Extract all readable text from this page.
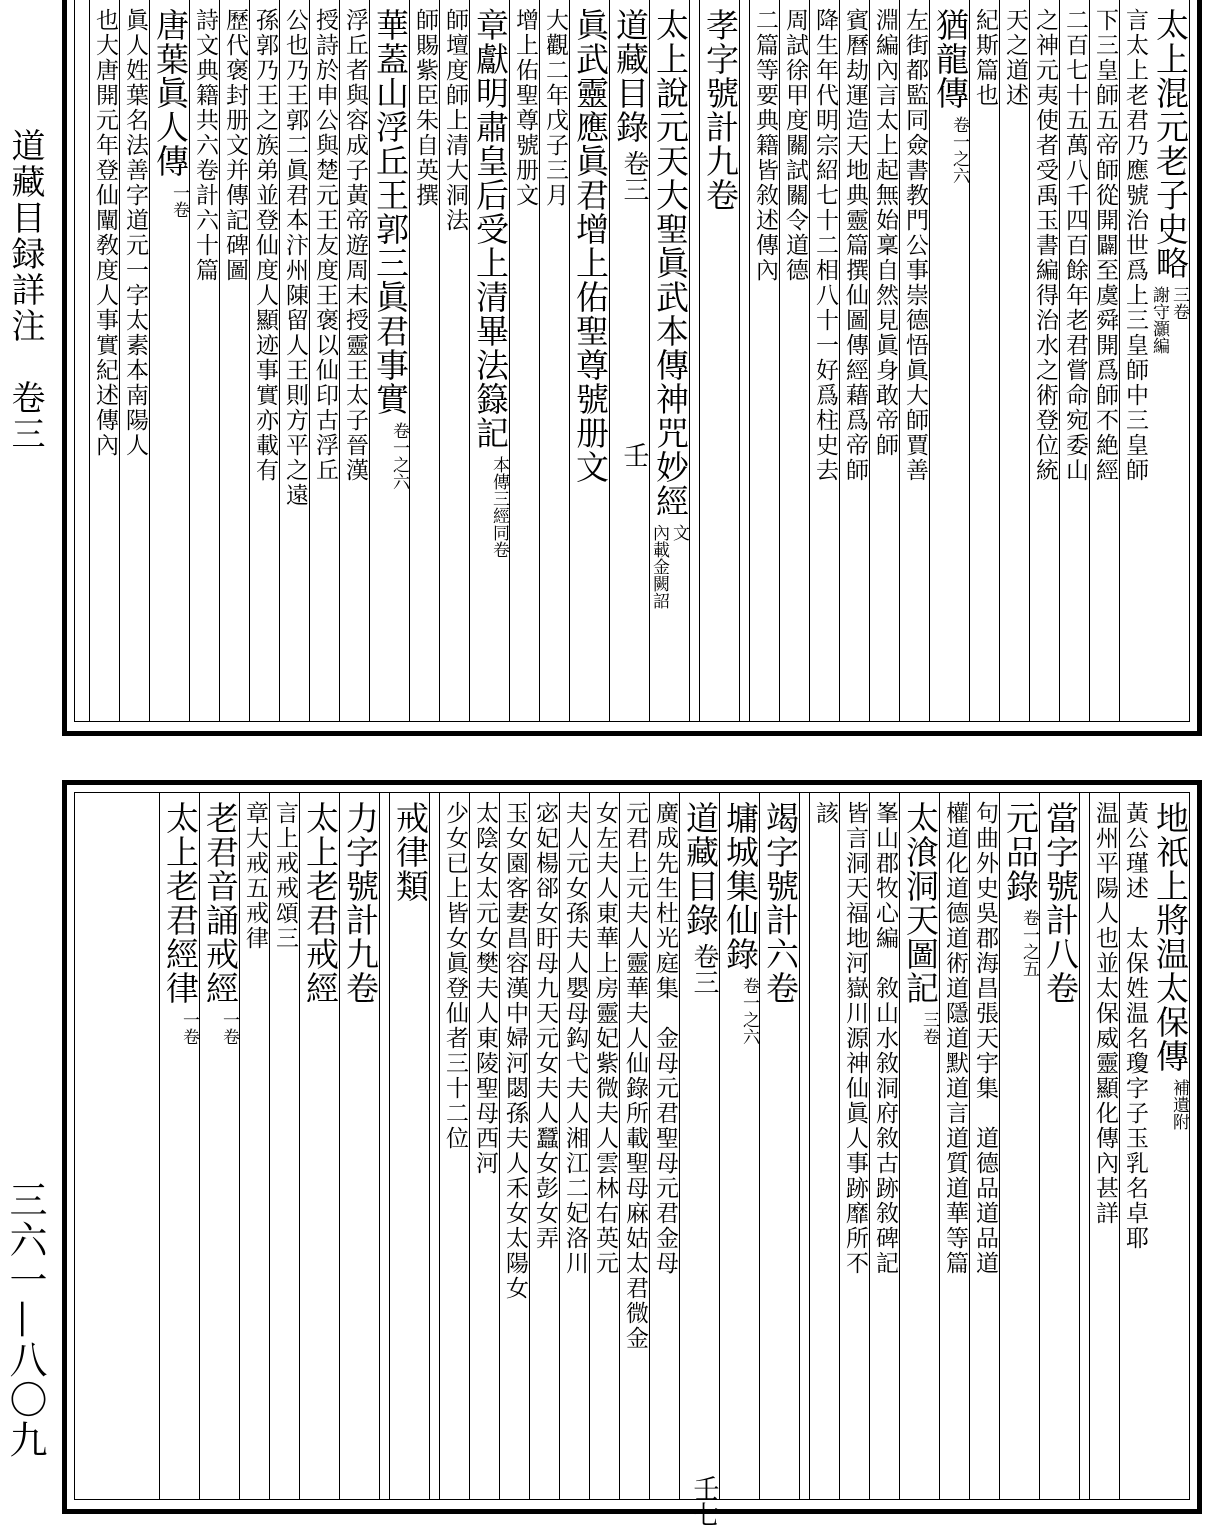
道藏目録詳注　卷三
三六一—八〇九
太上混元老子史略
三卷
謝守灝編
言太上老君乃應號治世爲上三皇師中三皇師
下三皇師五帝師從開闢至虞舜開爲師不絶經
二百七十五萬八千四百餘年老君嘗命宛委山
之神元夷使者受禹玉書編得治水之術登位統
天之道述
紀斯篇也
猶龍傳
卷一之六
左街都監同僉書教門公事崇德悟眞大師賈善
淵編內言太上起無始稟自然見眞身敢帝師
賓曆劫運造天地典靈篇撰仙圖傳經藉爲帝師
降生年代明宗紹七十二相八十一好爲柱史去
周試徐甲度關試關令道德
二篇等要典籍皆敘述傳內
孝字號計九卷
太上說元天大聖眞武本傳神咒妙經
文
內載金闕詔
道藏目錄
卷三
壬
眞武靈應眞君增上佑聖尊號册文
大觀二年戊子三月
增上佑聖尊號册文
章獻明肅皇后受上清畢法籙記
本傳三經同卷
師壇度師上清大洞法
師賜紫臣朱自英撰
華蓋山浮丘王郭三眞君事實
卷一之六
浮丘者與容成子黃帝遊周末授靈王太子晉漢
授詩於申公與楚元王友度王褒以仙印古浮丘
公也乃王郭二眞君本汴州陳留人王則方平之遠
孫郭乃王之族弟並登仙度人顯迹事實亦載有
歷代褒封册文并傳記碑圖
詩文典籍共六卷計六十篇
唐葉眞人傳
一卷
眞人姓葉名法善字道元一字太素本南陽人
也大唐開元年登仙闡敎度人事實紀述傳內
地祇上將温太保傳
補遺附
黃公瑾述　太保姓温名瓊字子玉乳名卓耶
温州平陽人也並太保威靈顯化傳內甚詳
當字號計八卷
元品錄
卷一之五
句曲外史吳郡海昌張天宇集　道德品道品道
權道化道德道術道隱道默道言道質道華等篇
太湌洞天圖記
三卷
峯山郡牧心編　敘山水敘洞府敘古跡敘碑記
皆言洞天福地河嶽川源神仙眞人事跡靡所不
該
竭字號計六卷
墉城集仙錄
卷一之六
道藏目錄
卷三
壬七
廣成先生杜光庭集　金母元君聖母元君金母
元君上元夫人靈華夫人仙錄所載聖母麻姑太君微金
女左夫人東華上房靈妃紫微夫人雲林右英元
夫人元女孫夫人嬰母鈎弋夫人湘江二妃洛川
宓妃楊郤女盱母九天元女夫人蠶女彭女弄
玉女園客妻昌容漢中婦河閟孫夫人禾女太陽女
太陰女太元女樊夫人東陵聖母西河
少女已上皆女眞登仙者三十二位
戒律類
力字號計九卷
太上老君戒經
言上戒戒頌三
章大戒五戒律
老君音誦戒經
一卷
太上老君經律
一卷
